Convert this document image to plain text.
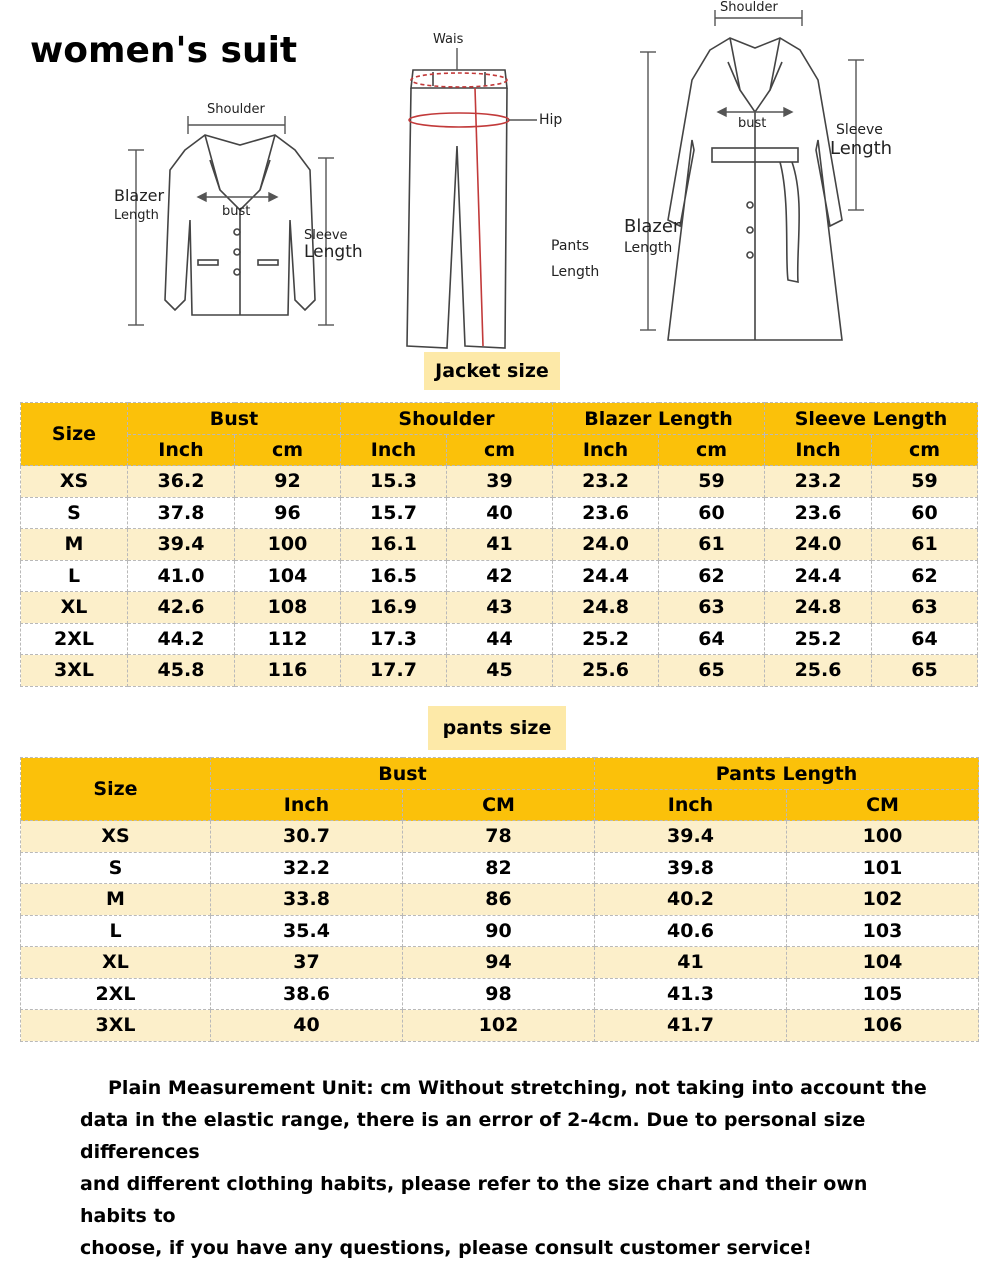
women's suit
Shoulder
Blazer
Length	bust
Sleeve
Length
Wais
Hip
Pants
Length
Shoulder
bust	Sleeve
Length
Blazer
Length
Jacket size
Size	Bust		Shoulder		Blazer Length		Sleeve Length	
	Inch	cm	Inch	cm	Inch	cm	Inch	cm
XS	36.2	92	15.3	39	23.2	59	23.2	59
S	37.8	96	15.7	40	23.6	60	23.6	60
M	39.4	100	16.1	41	24.0	61	24.0	61
L	41.0	104	16.5	42	24.4	62	24.4	62
XL	42.6	108	16.9	43	24.8	63	24.8	63
2XL	44.2	112	17.3	44	25.2	64	25.2	64
3XL	45.8	116	17.7	45	25.6	65	25.6	65
pants size
Size	Bust		Pants Length	
	Inch	CM	Inch	CM
XS	30.7	78	39.4	100
S	32.2	82	39.8	101
M	33.8	86	40.2	102
L	35.4	90	40.6	103
XL	37	94	41	104
2XL	38.6	98	41.3	105
3XL	40	102	41.7	106
Plain Measurement Unit: cm Without stretching, not taking into account the
data in the elastic range, there is an error of 2-4cm. Due to personal size differences
and different clothing habits, please refer to the size chart and their own habits to
choose, if you have any questions, please consult customer service!
